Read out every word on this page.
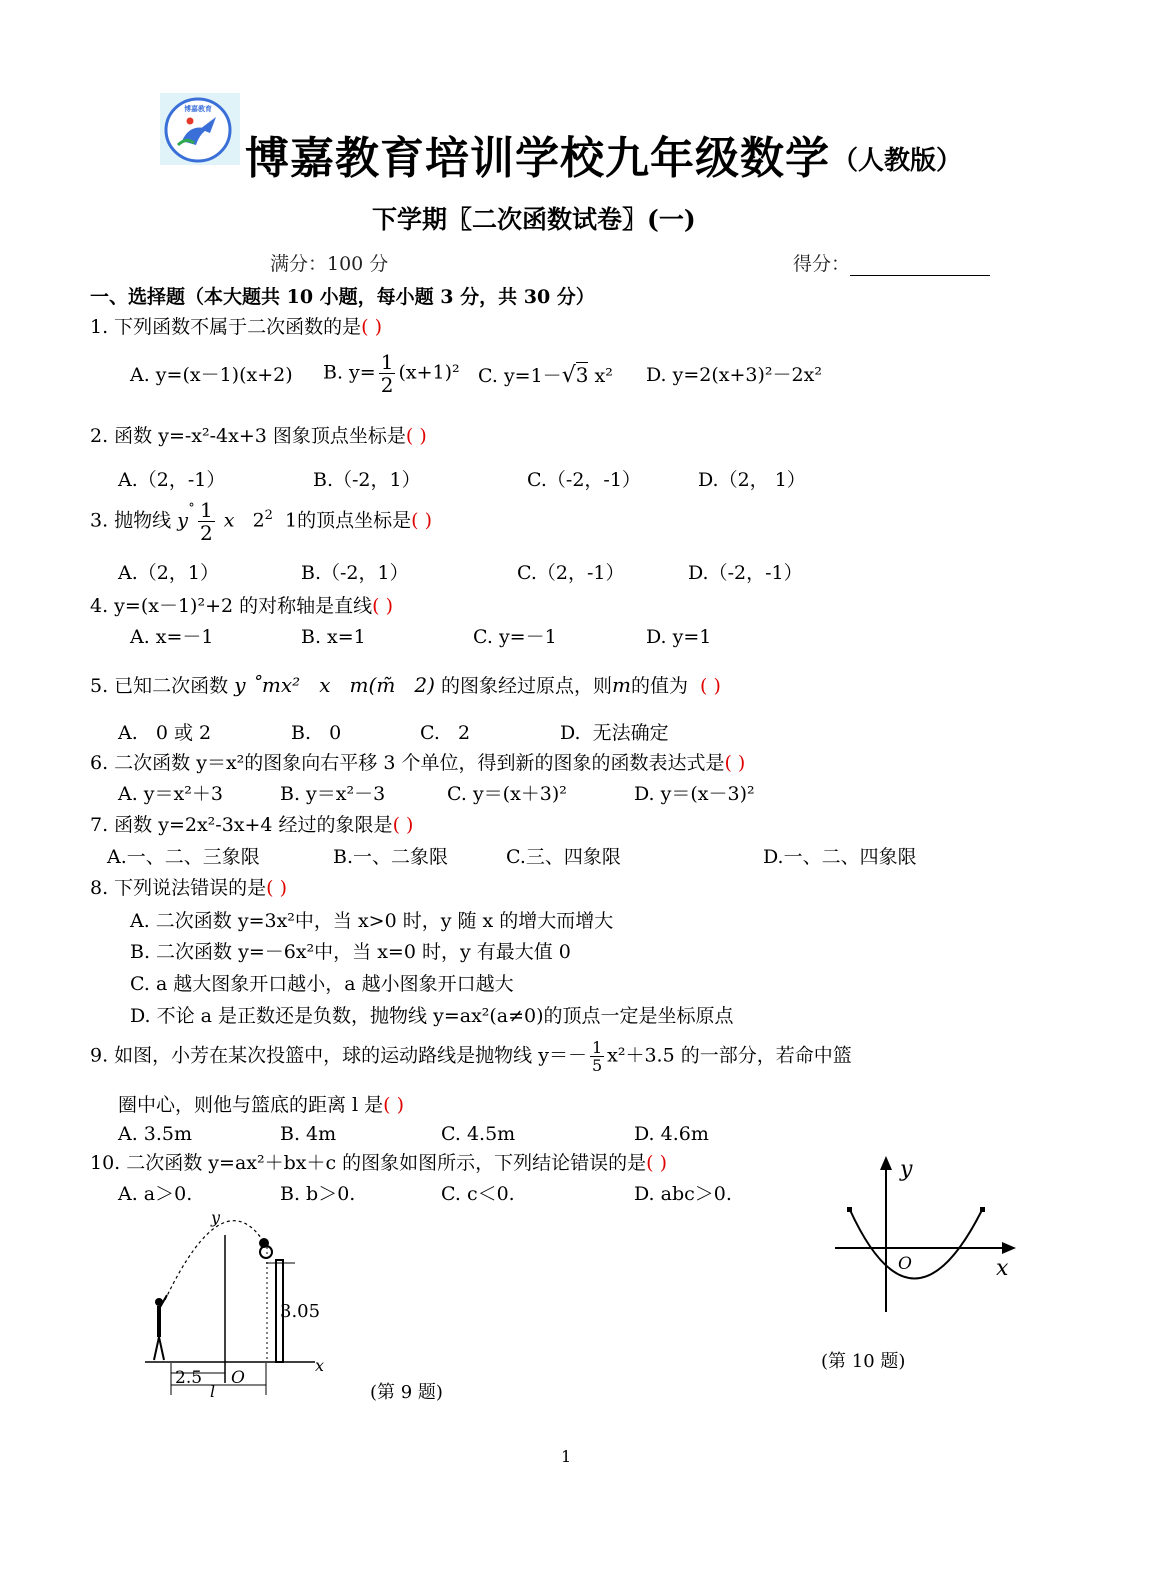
博嘉教育
博嘉教育培训学校九年级数学 （人教版）
下学期〖二次函数试卷〗(一)
满分：100 分	得分：
一、选择题（本大题共 10 小题，每小题 3 分，共 30 分）
1. 下列函数不属于二次函数的是( )
A. y=(x－1)(x+2) B. $y= \frac{1}{2} (x+1)^2$ C. y=1－√3 x² D. y=2(x+3)²－2x²
2. 函数 y=-x²-4x+3 图象顶点坐标是( )
A.（2，-1）	B.（-2，1）	C.（-2，-1）	D.（2， 1）
3. 抛物线 $y^˚ \frac{1}{2}$ x $2^2$ 1的顶点坐标是( )
A.（2，1）	B.（-2，1）	C.（2，-1）	D.（-2，-1）
4. y=(x－1)²+2 的对称轴是直线( )
A. x=－1	B. x=1	C. y=－1	D. y=1
5. 已知二次函数 y ˚mx²   x   m(m̃   2) 的图象经过原点，则m的值为 ( )
A.   0 或 2	B.   0	C.   2	D.  无法确定
6. 二次函数 y＝x²的图象向右平移 3 个单位，得到新的图象的函数表达式是( )
A. y＝x²＋3	B. y＝x²－3	C. y＝(x＋3)²	D. y＝(x－3)²
7. 函数 y=2x²-3x+4 经过的象限是( )
A.一、二、三象限	B.一、二象限	C.三、四象限	D.一、二、四象限
8. 下列说法错误的是( )
A. 二次函数 y=3x²中，当 x>0 时，y 随 x 的增大而增大
B. 二次函数 y=－6x²中，当 x=0 时，y 有最大值 0
C. a 越大图象开口越小，a 越小图象开口越大
D. 不论 a 是正数还是负数，抛物线 y=ax²(a≠0)的顶点一定是坐标原点
9. 如图，小芳在某次投篮中，球的运动路线是抛物线 $y=- \frac{1}{5} x^2+3.5$ 的一部分，若命中篮
圈中心，则他与篮底的距离 l 是( )
A. 3.5m	B. 4m	C. 4.5m	D. 4.6m
10. 二次函数 y=ax²＋bx＋c 的图象如图所示，下列结论错误的是( )
A. a＞0.	B. b＞0.	C. c＜0.	D. abc＞0.
y
x
3.05
2.5 O
l	(第 9 题)
y
x
O
(第 10 题)
1
